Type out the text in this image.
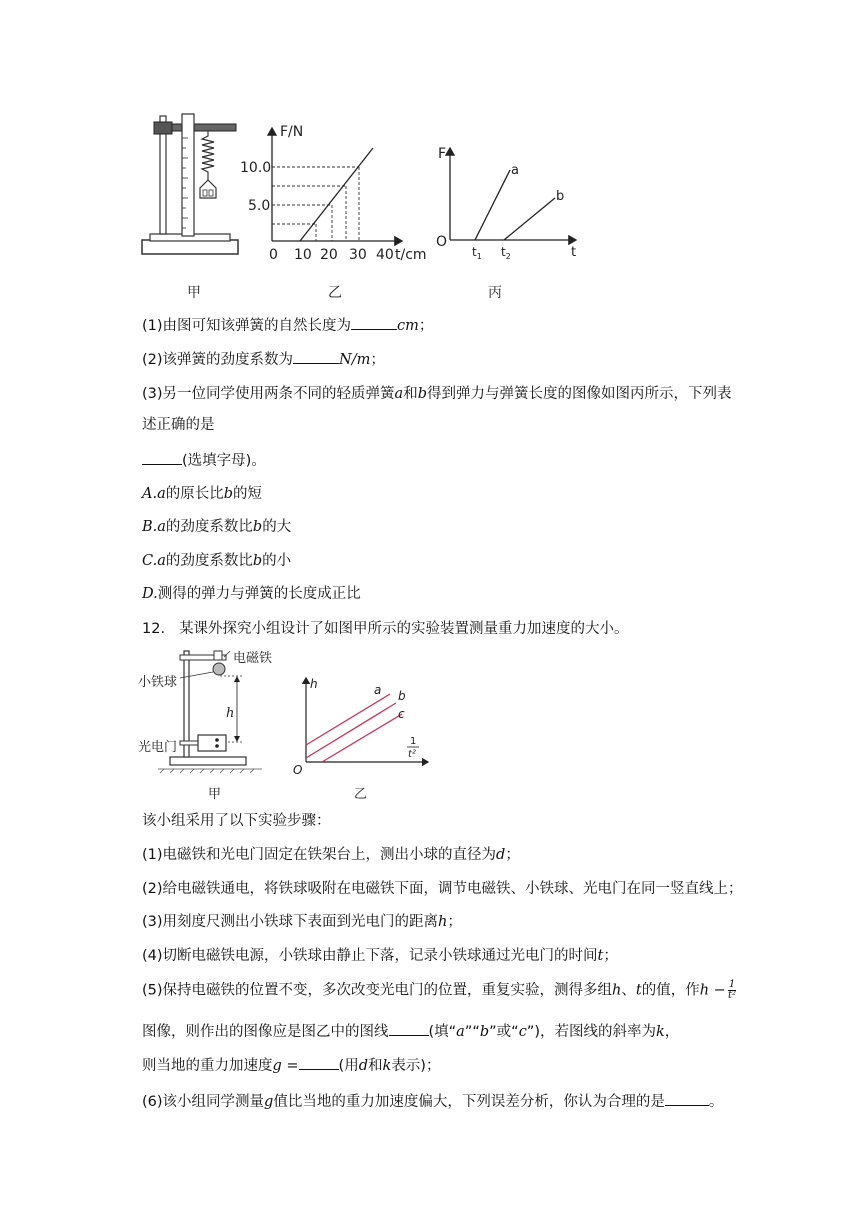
甲
F/N
10.0
5.0
0 10 20 30 40 t/cm
乙
F
O
a
b
$t_1$ $t_2$	t
丙
(1)由图可知该弹簧的自然长度为	cm；
(2)该弹簧的劲度系数为	N/m；
(3)另一位同学使用两条不同的轻质弹簧a和b得到弹力与弹簧长度的图像如图丙所示，下列表
述正确的是
(选填字母)。
A.a的原长比b的短
B.a的劲度系数比b的大
C.a的劲度系数比b的小
D.测得的弹力与弹簧的长度成正比
12. 某课外探究小组设计了如图甲所示的实验装置测量重力加速度的大小。
电磁铁
小铁球
h
光电门
甲
h
O
a b
c
1
t²
乙
该小组采用了以下实验步骤：
(1)电磁铁和光电门固定在铁架台上，测出小球的直径为d；
(2)给电磁铁通电，将铁球吸附在电磁铁下面，调节电磁铁、小铁球、光电门在同一竖直线上；
(3)用刻度尺测出小铁球下表面到光电门的距离h；
(4)切断电磁铁电源，小铁球由静止下落，记录小铁球通过光电门的时间t；
(5)保持电磁铁的位置不变，多次改变光电门的位置，重复实验，测得多组h、t的值，作$h - \frac{1}{\text{t²}}$
图像，则作出的图像应是图乙中的图线	(填“a”“b”或“c”)，若图线的斜率为k，
则当地的重力加速度g =	(用d和k表示)；
(6)该小组同学测量g值比当地的重力加速度偏大，下列误差分析，你认为合理的是	。
